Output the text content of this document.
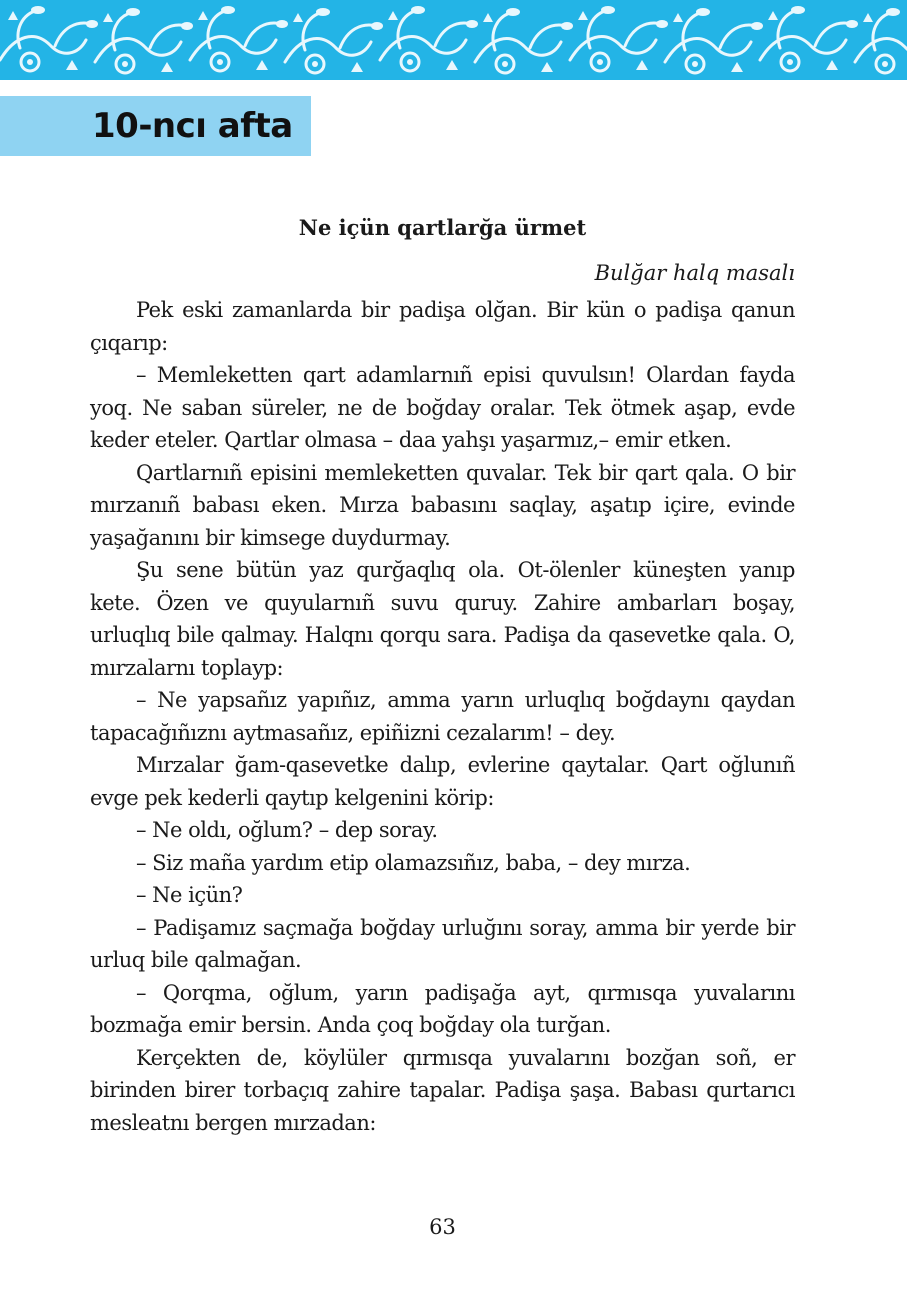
10-ncı afta
Ne içün qartlarğa ürmet
Bulğar halq masalı

Pek eski zamanlarda bir padişa olğan. Bir kün o padişa qanun çıqarıp:

– Memleketten qart adamlarnıñ episi quvulsın! Olardan fayda yoq. Ne saban süreler, ne de boğday oralar. Tek ötmek aşap, evde keder eteler. Qartlar olmasa – daa yahşı yaşarmız,– emir etken.

Qartlarnıñ episini memleketten quvalar. Tek bir qart qala. O bir mırzanıñ babası eken. Mırza babasını saqlay, aşatıp içire, evinde yaşağanını bir kimsege duydurmay.

Şu sene bütün yaz qurğaqlıq ola. Ot-ölenler küneşten yanıp kete. Özen ve quyularnıñ suvu quruy. Zahire ambarları boşay, urluqlıq bile qalmay. Halqnı qorqu sara. Padişa da qasevetke qala. O, mırzalarnı toplayp:

– Ne yapsañız yapıñız, amma yarın urluqlıq boğdaynı qaydan tapacağıñıznı aytmasañız, epiñizni cezalarım! – dey.

Mırzalar ğam-qasevetke dalıp, evlerine qaytalar. Qart oğlunıñ evge pek kederli qaytıp kelgenini körip:

– Ne oldı, oğlum? – dep soray.

– Siz maña yardım etip olamazsıñız, baba, – dey mırza.

– Ne içün?

– Padişamız saçmağa boğday urluğını soray, amma bir yerde bir urluq bile qalmağan.

– Qorqma, oğlum, yarın padişağa ayt, qırmısqa yuvalarını bozmağa emir bersin. Anda çoq boğday ola turğan.

Kerçekten de, köylüler qırmısqa yuvalarını bozğan soñ, er birinden birer torbaçıq zahire tapalar. Padişa şaşa. Babası qurtarıcı mesleatnı bergen mırzadan:

63
